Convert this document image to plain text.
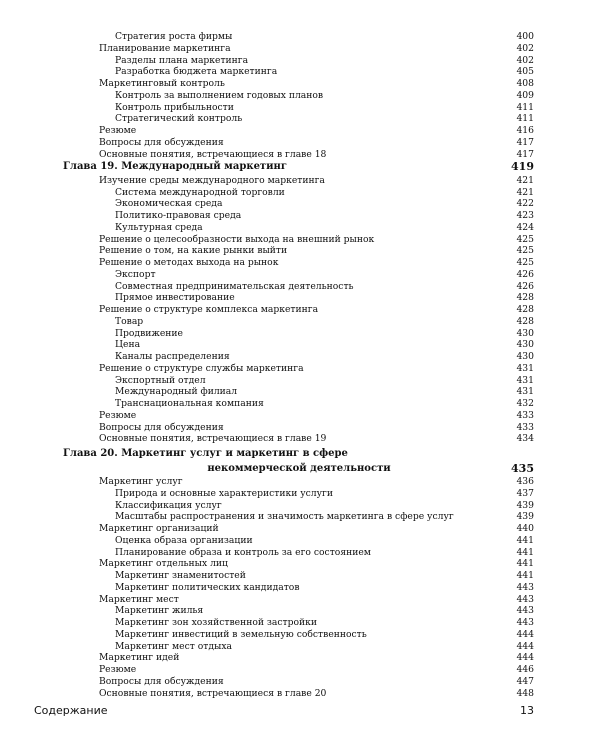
Стратегия роста фирмы	400
Планирование маркетинга	402
Разделы плана маркетинга	402
Разработка бюджета маркетинга	405
Маркетинговый контроль	408
Контроль за выполнением годовых планов	409
Контроль прибыльности	411
Стратегический контроль	411
Резюме	416
Вопросы для обсуждения	417
Основные понятия, встречающиеся в главе 18	417
Глава 19. Международный маркетинг	419
Изучение среды международного маркетинга	421
Система международной торговли	421
Экономическая среда	422
Политико-правовая среда	423
Культурная среда	424
Решение о целесообразности выхода на внешний рынок	425
Решение о том, на какие рынки выйти	425
Решение о методах выхода на рынок	425
Экспорт	426
Совместная предпринимательская деятельность	426
Прямое инвестирование	428
Решение о структуре комплекса маркетинга	428
Товар	428
Продвижение	430
Цена	430
Каналы распределения	430
Решение о структуре службы маркетинга	431
Экспортный отдел	431
Международный филиал	431
Транснациональная компания	432
Резюме	433
Вопросы для обсуждения	433
Основные понятия, встречающиеся в главе 19	434
Глава 20. Маркетинг услуг и маркетинг в сфере
некоммерческой деятельности	435
Маркетинг услуг	436
Природа и основные характеристики услуги	437
Классификация услуг	439
Масштабы распространения и значимость маркетинга в сфере услуг	439
Маркетинг организаций	440
Оценка образа организации	441
Планирование образа и контроль за его состоянием	441
Маркетинг отдельных лиц	441
Маркетинг знаменитостей	441
Маркетинг политических кандидатов	443
Маркетинг мест	443
Маркетинг жилья	443
Маркетинг зон хозяйственной застройки	443
Маркетинг инвестиций в земельную собственность	444
Маркетинг мест отдыха	444
Маркетинг идей	444
Резюме	446
Вопросы для обсуждения	447
Основные понятия, встречающиеся в главе 20	448
Содержание	13
